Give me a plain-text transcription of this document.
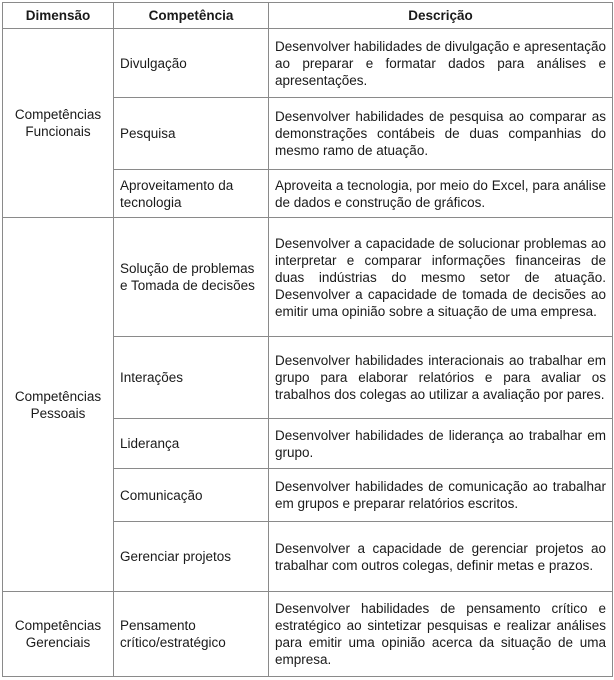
Dimensão	Competência	Descrição
Competências Funcionais	Divulgação	Desenvolver habilidades de divulgação e apresentação ao preparar e formatar dados para análises e apresentações.
	Pesquisa	Desenvolver habilidades de pesquisa ao comparar as demonstrações contábeis de duas companhias do mesmo ramo de atuação.
	Aproveitamento da tecnologia	Aproveita a tecnologia, por meio do Excel, para análise de dados e construção de gráficos.
Competências Pessoais	Solução de problemas e Tomada de decisões	Desenvolver a capacidade de solucionar problemas ao interpretar e comparar informações financeiras de duas indústrias do mesmo setor de atuação. Desenvolver a capacidade de tomada de decisões ao emitir uma opinião sobre a situação de uma empresa.
	Interações	Desenvolver habilidades interacionais ao trabalhar em grupo para elaborar relatórios e para avaliar os trabalhos dos colegas ao utilizar a avaliação por pares.
	Liderança	Desenvolver habilidades de liderança ao trabalhar em grupo.
	Comunicação	Desenvolver habilidades de comunicação ao trabalhar em grupos e preparar relatórios escritos.
	Gerenciar projetos	Desenvolver a capacidade de gerenciar projetos ao trabalhar com outros colegas, definir metas e prazos.
Competências Gerenciais	Pensamento crítico/estratégico	Desenvolver habilidades de pensamento crítico e estratégico ao sintetizar pesquisas e realizar análises para emitir uma opinião acerca da situação de uma empresa.
